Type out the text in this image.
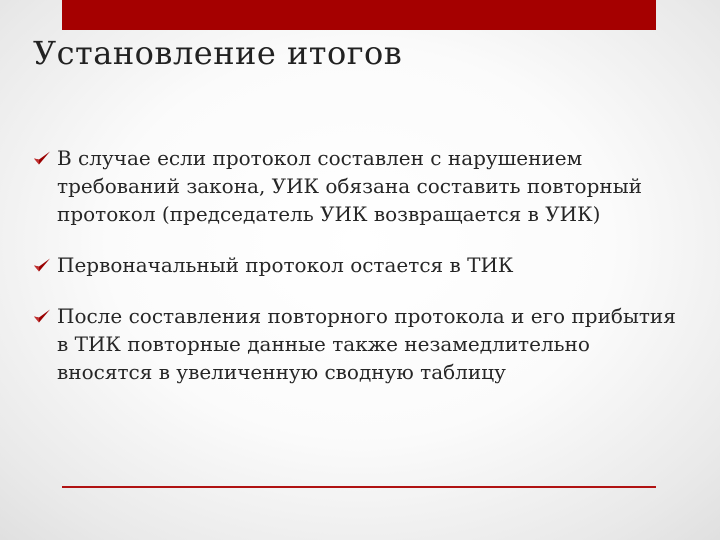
Установление итогов
В случае если протокол составлен с нарушением требований закона, УИК обязана составить повторный протокол (председатель УИК возвращается в УИК)
Первоначальный протокол остается в ТИК
После составления повторного протокола и его прибытия в ТИК повторные данные также незамедлительно вносятся в увеличенную сводную таблицу
